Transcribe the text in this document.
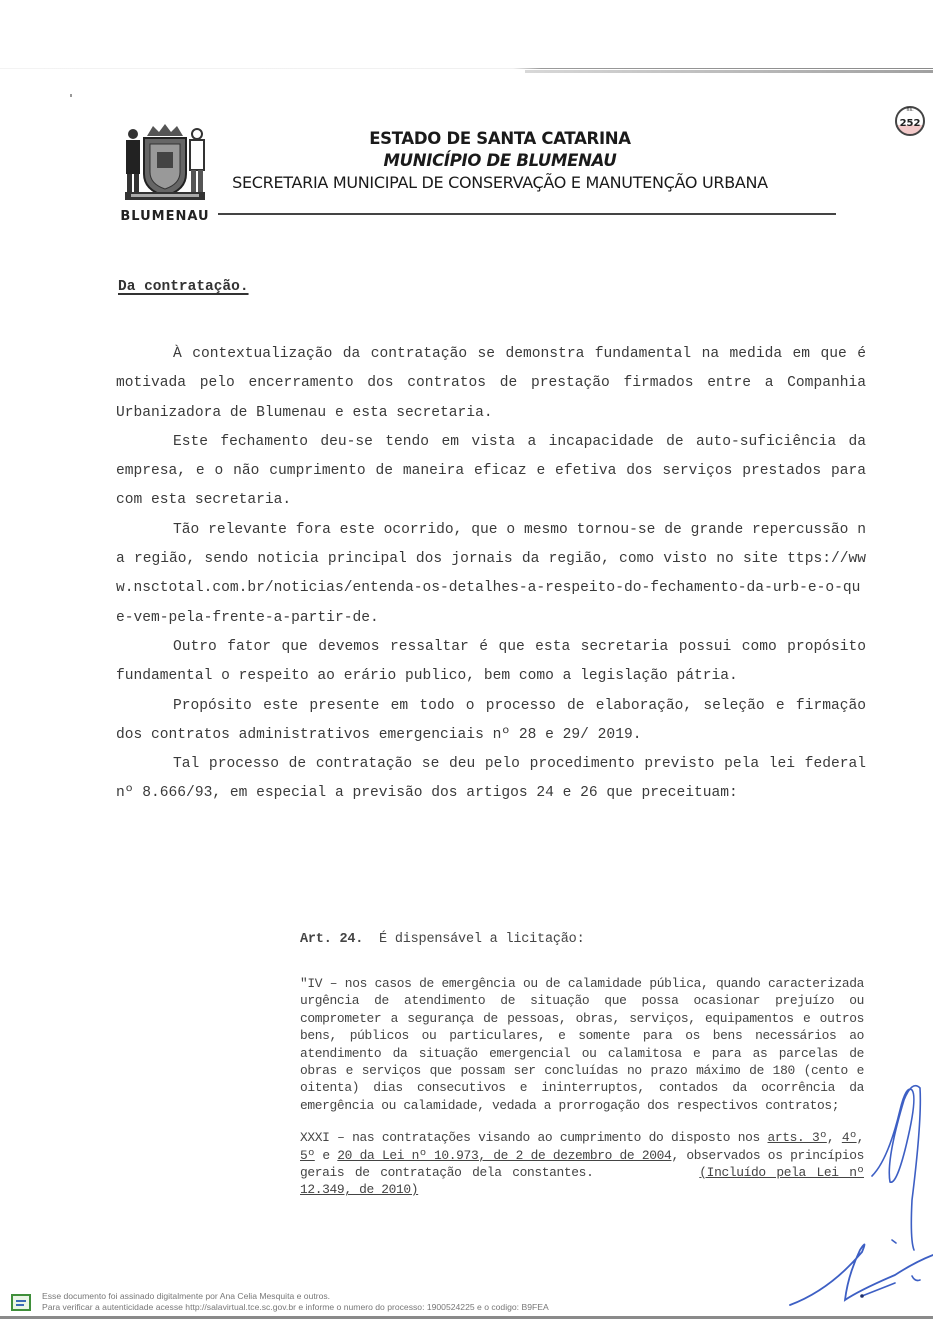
BLUMENAU
ESTADO DE SANTA CATARINA
MUNICÍPIO DE BLUMENAU
SECRETARIA MUNICIPAL DE CONSERVAÇÃO E MANUTENÇÃO URBANA
fls.
252
Da contratação.

À contextualização da contratação se demonstra fundamental na medida em que é motivada pelo encerramento dos contratos de prestação firmados entre a Companhia Urbanizadora de Blumenau e esta secretaria.

Este fechamento deu-se tendo em vista a incapacidade de auto-suficiência da empresa, e o não cumprimento de maneira eficaz e efetiva dos serviços prestados para com esta secretaria.

Tão relevante fora este ocorrido, que o mesmo tornou-se de grande repercussão na região, sendo noticia principal dos jornais da região, como visto no site ttps://www.nsctotal.com.br/noticias/entenda-os-detalhes-a-respeito-do-fechamento-da-urb-e-o-que-vem-pela-frente-a-partir-de.

Outro fator que devemos ressaltar é que esta secretaria possui como propósito fundamental o respeito ao erário publico, bem como a legislação pátria.

Propósito este presente em todo o processo de elaboração, seleção e firmação dos contratos administrativos emergenciais nº 28 e 29/ 2019.

Tal processo de contratação se deu pelo procedimento previsto pela lei federal nº 8.666/93, em especial a previsão dos artigos 24 e 26 que preceituam:

Art. 24. É dispensável a licitação:

"IV – nos casos de emergência ou de calamidade pública, quando caracterizada urgência de atendimento de situação que possa ocasionar prejuízo ou comprometer a segurança de pessoas, obras, serviços, equipamentos e outros bens, públicos ou particulares, e somente para os bens necessários ao atendimento da situação emergencial ou calamitosa e para as parcelas de obras e serviços que possam ser concluídas no prazo máximo de 180 (cento e oitenta) dias consecutivos e ininterruptos, contados da ocorrência da emergência ou calamidade, vedada a prorrogação dos respectivos contratos;

XXXI – nas contratações visando ao cumprimento do disposto nos arts. 3º, 4º, 5º e 20 da Lei nº 10.973, de 2 de dezembro de 2004, observados os princípios gerais de contratação dela constantes.          (Incluído pela Lei nº 12.349, de 2010)

Esse documento foi assinado digitalmente por Ana Celia Mesquita e outros.
Para verificar a autenticidade acesse http://salavirtual.tce.sc.gov.br e informe o numero do processo: 1900524225 e o codigo: B9FEA
